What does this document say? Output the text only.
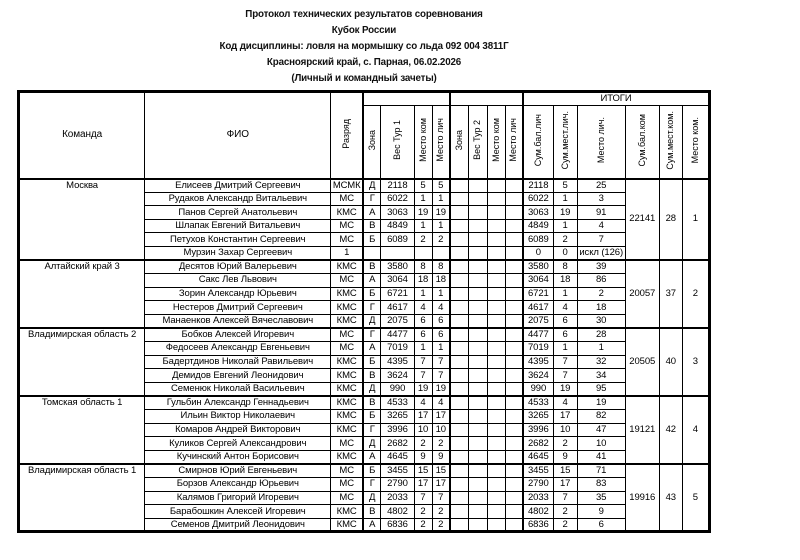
Протокол технических результатов соревнования
Кубок России
Код дисциплины: ловля на мормышку со льда 092 004 3811Г
Красноярский край, с. Парная, 06.02.2026
(Личный и командный зачеты)
Команда	ФИО	Разряд									ИТОГИ					
			Зона	Вес Тур 1	Место ком	Место лич	Зона	Вес Тур 2	Место ком	Место лич	Сум.бал.лич	Сум.мест.лич.	Место лич.	Сум.бал.ком	Сум.мест.ком.	Место ком.
Москва	Елисеев Дмитрий Сергеевич	МСМК	Д	2118	5	5					2118	5	25	22141	28	1
	Рудаков Александр Витальевич	МС	Г	6022	1	1					6022	1	3			
	Панов Сергей Анатольевич	КМС	А	3063	19	19					3063	19	91			
	Шлапак Евгений Витальевич	МС	В	4849	1	1					4849	1	4			
	Петухов Константин Сергеевич	МС	Б	6089	2	2					6089	2	7			
	Мурзин Захар Сергеевич	1									0	0	искл (126)			
Алтайский край 3	Десятов Юрий Валерьевич	КМС	В	3580	8	8					3580	8	39	20057	37	2
	Сакс Лев Львович	МС	А	3064	18	18					3064	18	86			
	Зорин Александр Юрьевич	КМС	Б	6721	1	1					6721	1	2			
	Нестеров Дмитрий Сергеевич	КМС	Г	4617	4	4					4617	4	18			
	Манаенков Алексей Вячеславович	КМС	Д	2075	6	6					2075	6	30			
Владимирская область 2	Бобков Алексей Игоревич	МС	Г	4477	6	6					4477	6	28	20505	40	3
	Федосеев Александр Евгеньевич	МС	А	7019	1	1					7019	1	1			
	Бадертдинов Николай Равильевич	КМС	Б	4395	7	7					4395	7	32			
	Демидов Евгений Леонидович	КМС	В	3624	7	7					3624	7	34			
	Семенюк Николай Васильевич	КМС	Д	990	19	19					990	19	95			
Томская область 1	Гульбин Александр Геннадьевич	КМС	В	4533	4	4					4533	4	19	19121	42	4
	Ильин Виктор Николаевич	КМС	Б	3265	17	17					3265	17	82			
	Комаров Андрей Викторович	КМС	Г	3996	10	10					3996	10	47			
	Куликов Сергей Александрович	МС	Д	2682	2	2					2682	2	10			
	Кучинский Антон Борисович	КМС	А	4645	9	9					4645	9	41			
Владимирская область 1	Смирнов Юрий Евгеньевич	МС	Б	3455	15	15					3455	15	71	19916	43	5
	Борзов Александр Юрьевич	МС	Г	2790	17	17					2790	17	83			
	Калямов Григорий Игоревич	МС	Д	2033	7	7					2033	7	35			
	Барабошкин Алексей Игоревич	КМС	В	4802	2	2					4802	2	9			
	Семенов Дмитрий Леонидович	КМС	А	6836	2	2					6836	2	6			
